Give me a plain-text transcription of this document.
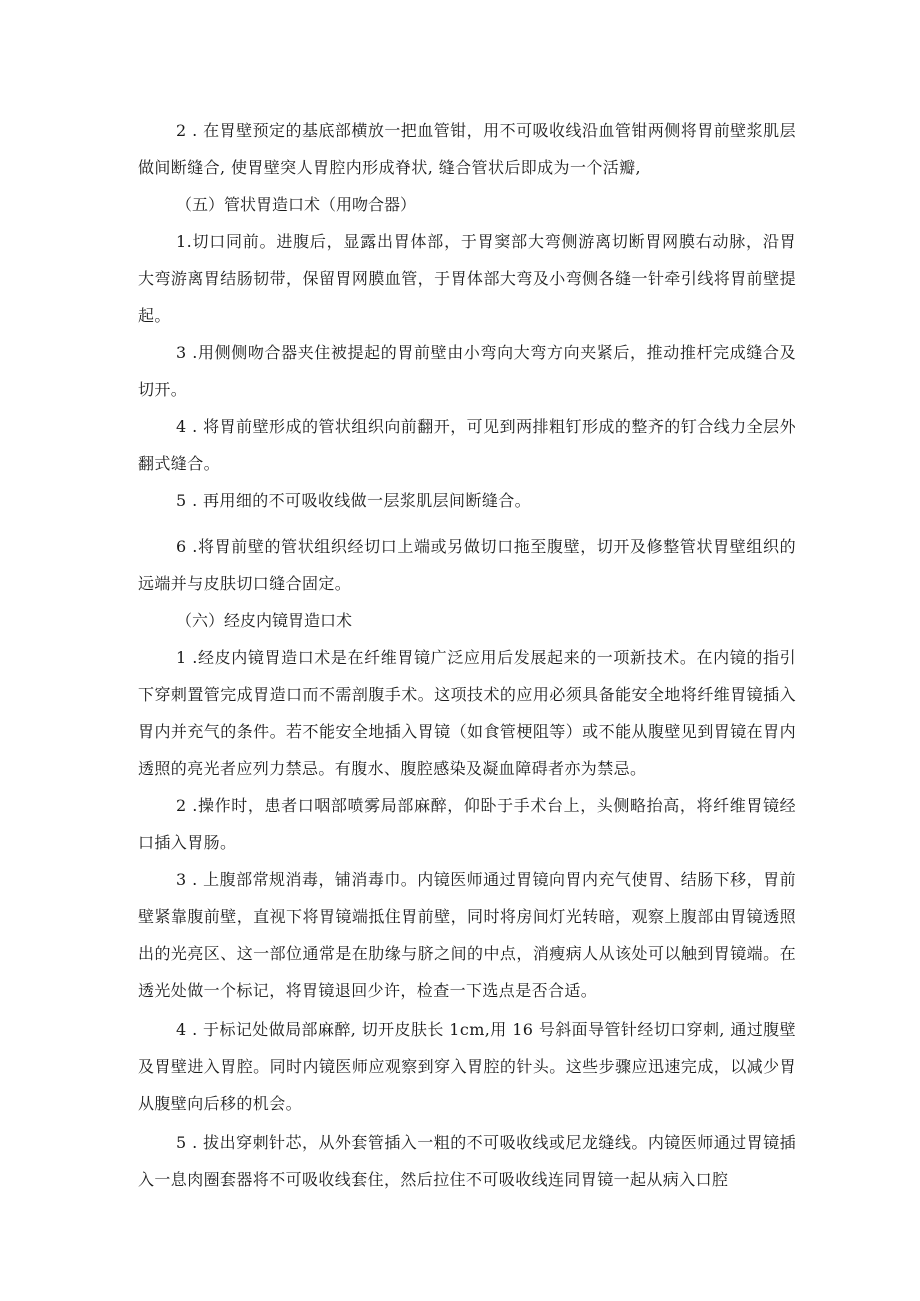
2 . 在胃壁预定的基底部横放一把血管钳，用不可吸收线沿血管钳两侧将胃前壁浆肌层做间断缝合, 使胃壁突人胃腔内形成脊状, 缝合管状后即成为一个活瓣,

（五）管状胃造口术（用吻合器）

1.切口同前。进腹后，显露出胃体部，于胃窦部大弯侧游离切断胃网膜右动脉，沿胃大弯游离胃结肠韧带，保留胃网膜血管，于胃体部大弯及小弯侧各缝一针牵引线将胃前壁提起。

3 .用侧侧吻合器夹住被提起的胃前壁由小弯向大弯方向夹紧后，推动推杆完成缝合及切开。

4 . 将胃前壁形成的管状组织向前翻开，可见到两排粗钉形成的整齐的钉合线力全层外翻式缝合。

5 . 再用细的不可吸收线做一层浆肌层间断缝合。

6 .将胃前壁的管状组织经切口上端或另做切口拖至腹壁，切开及修整管状胃壁组织的远端并与皮肤切口缝合固定。

（六）经皮内镜胃造口术

1 .经皮内镜胃造口术是在纤维胃镜广泛应用后发展起来的一项新技术。在内镜的指引下穿刺置管完成胃造口而不需剖腹手术。这项技术的应用必须具备能安全地将纤维胃镜插入胃内并充气的条件。若不能安全地插入胃镜（如食管梗阻等）或不能从腹壁见到胃镜在胃内透照的亮光者应列力禁忌。有腹水、腹腔感染及凝血障碍者亦为禁忌。

2 .操作时，患者口咽部喷雾局部麻醉，仰卧于手术台上，头侧略抬高，将纤维胃镜经口插入胃肠。

3 . 上腹部常规消毒，铺消毒巾。内镜医师通过胃镜向胃内充气使胃、结肠下移，胃前壁紧靠腹前壁，直视下将胃镜端抵住胃前壁，同时将房间灯光转暗，观察上腹部由胃镜透照出的光亮区、这一部位通常是在肋缘与脐之间的中点，消瘦病人从该处可以触到胃镜端。在透光处做一个标记，将胃镜退回少许，检查一下选点是否合适。

4 . 于标记处做局部麻醉, 切开皮肤长 1cm,用 16 号斜面导管针经切口穿刺, 通过腹壁及胃壁进入胃腔。同时内镜医师应观察到穿入胃腔的针头。这些步骤应迅速完成，以减少胃从腹壁向后移的机会。

5 . 拔出穿刺针芯，从外套管插入一粗的不可吸收线或尼龙缝线。内镜医师通过胃镜插入一息肉圈套器将不可吸收线套住，然后拉住不可吸收线连同胃镜一起从病入口腔
